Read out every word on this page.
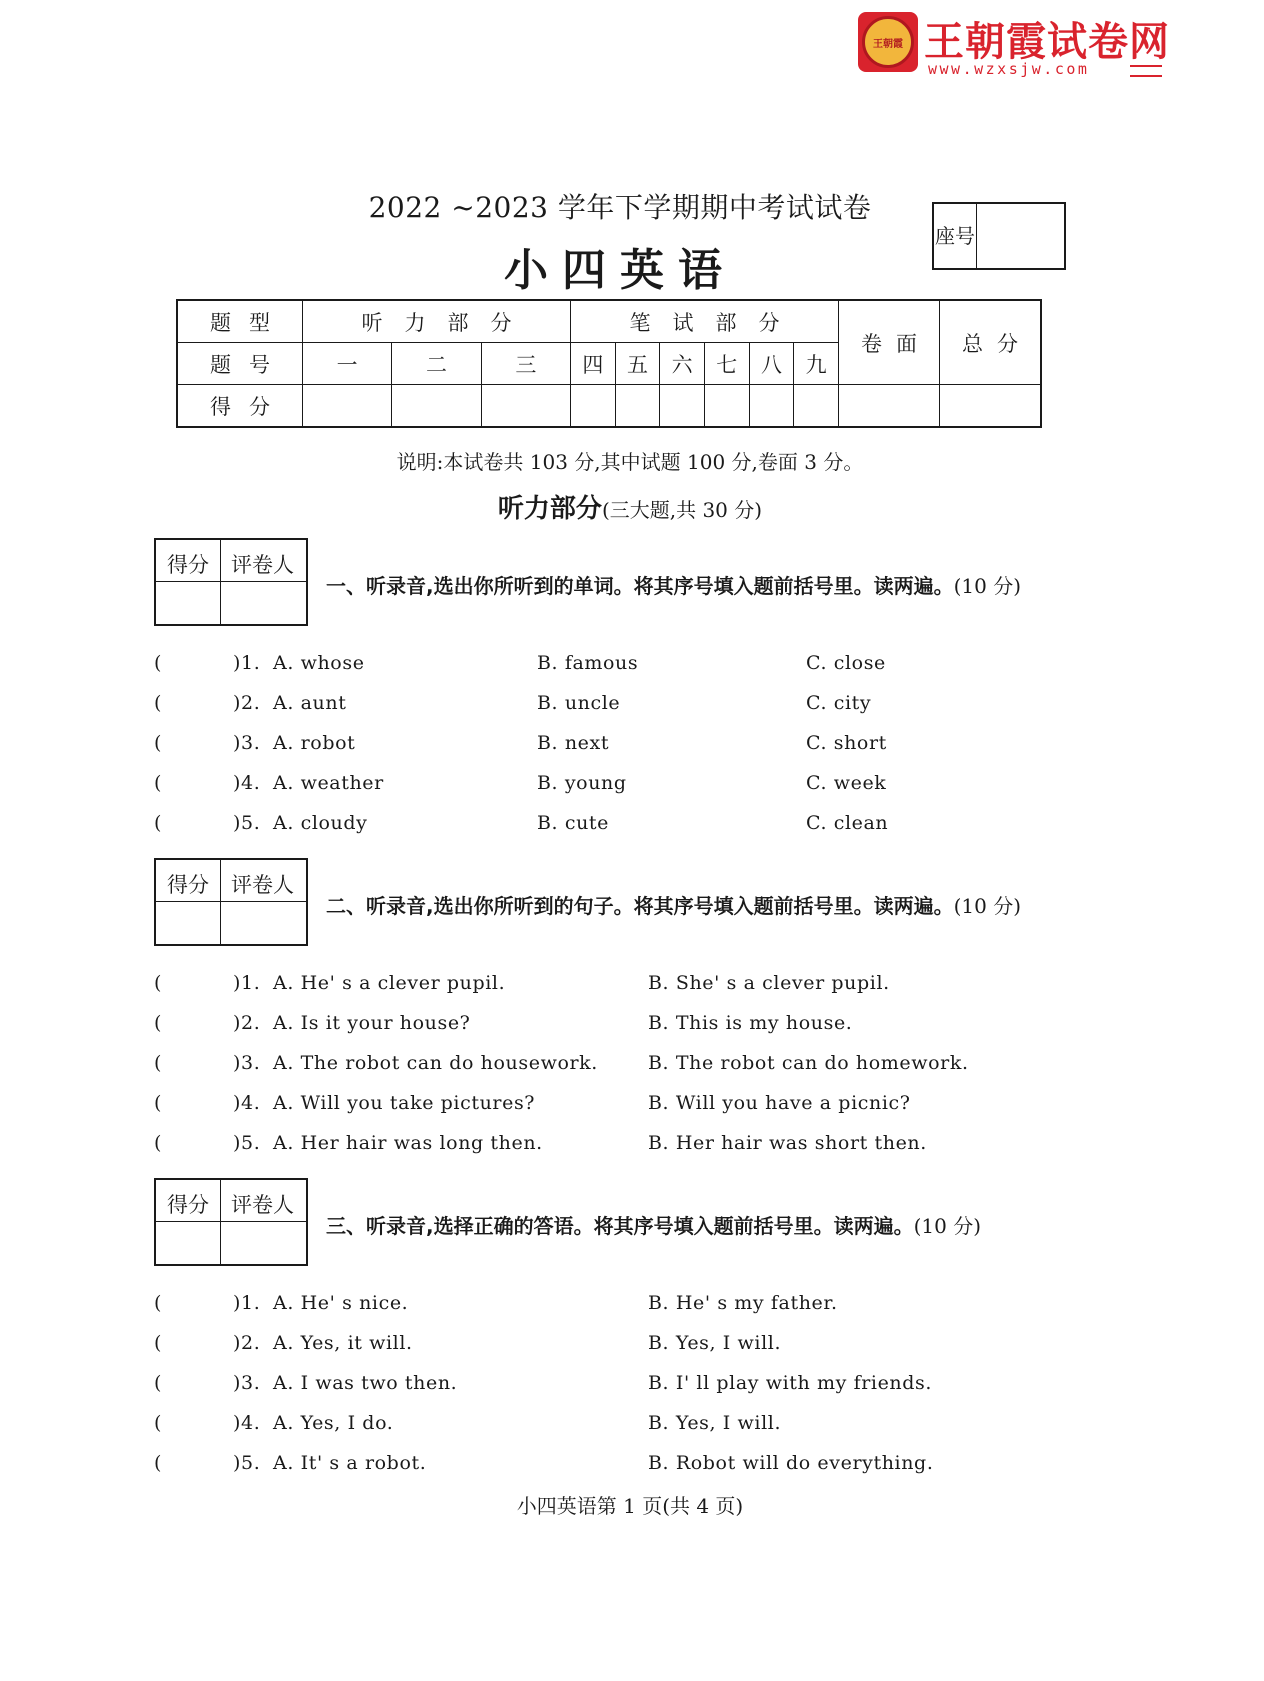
王朝霞 王朝霞试卷网
www.wzxsjw.com
2022 ~2023 学年下学期期中考试试卷
小四英语
座号
题型	听力部分			笔试部分						卷面	总分
题号	一	二	三	四	五	六	七	八	九		
得分											
说明:本试卷共 103 分,其中试题 100 分,卷面 3 分。
听力部分(三大题,共 30 分)
得分 评卷人
一、听录音,选出你所听到的单词。将其序号填入题前括号里。读两遍。(10 分)
(	)1. A. whose	B. famous	C. close
(	)2. A. aunt	B. uncle	C. city
(	)3. A. robot	B. next	C. short
(	)4. A. weather	B. young	C. week
(	)5. A. cloudy	B. cute	C. clean
得分 评卷人
二、听录音,选出你所听到的句子。将其序号填入题前括号里。读两遍。(10 分)
(	)1. A. He' s a clever pupil.	B. She' s a clever pupil.
(	)2. A. Is it your house?	B. This is my house.
(	)3. A. The robot can do housework.	B. The robot can do homework.
(	)4. A. Will you take pictures?	B. Will you have a picnic?
(	)5. A. Her hair was long then.	B. Her hair was short then.
得分 评卷人
三、听录音,选择正确的答语。将其序号填入题前括号里。读两遍。(10 分)
(	)1. A. He' s nice.	B. He' s my father.
(	)2. A. Yes, it will.	B. Yes, I will.
(	)3. A. I was two then.	B. I' ll play with my friends.
(	)4. A. Yes, I do.	B. Yes, I will.
(	)5. A. It' s a robot.	B. Robot will do everything.
小四英语第 1 页(共 4 页)
